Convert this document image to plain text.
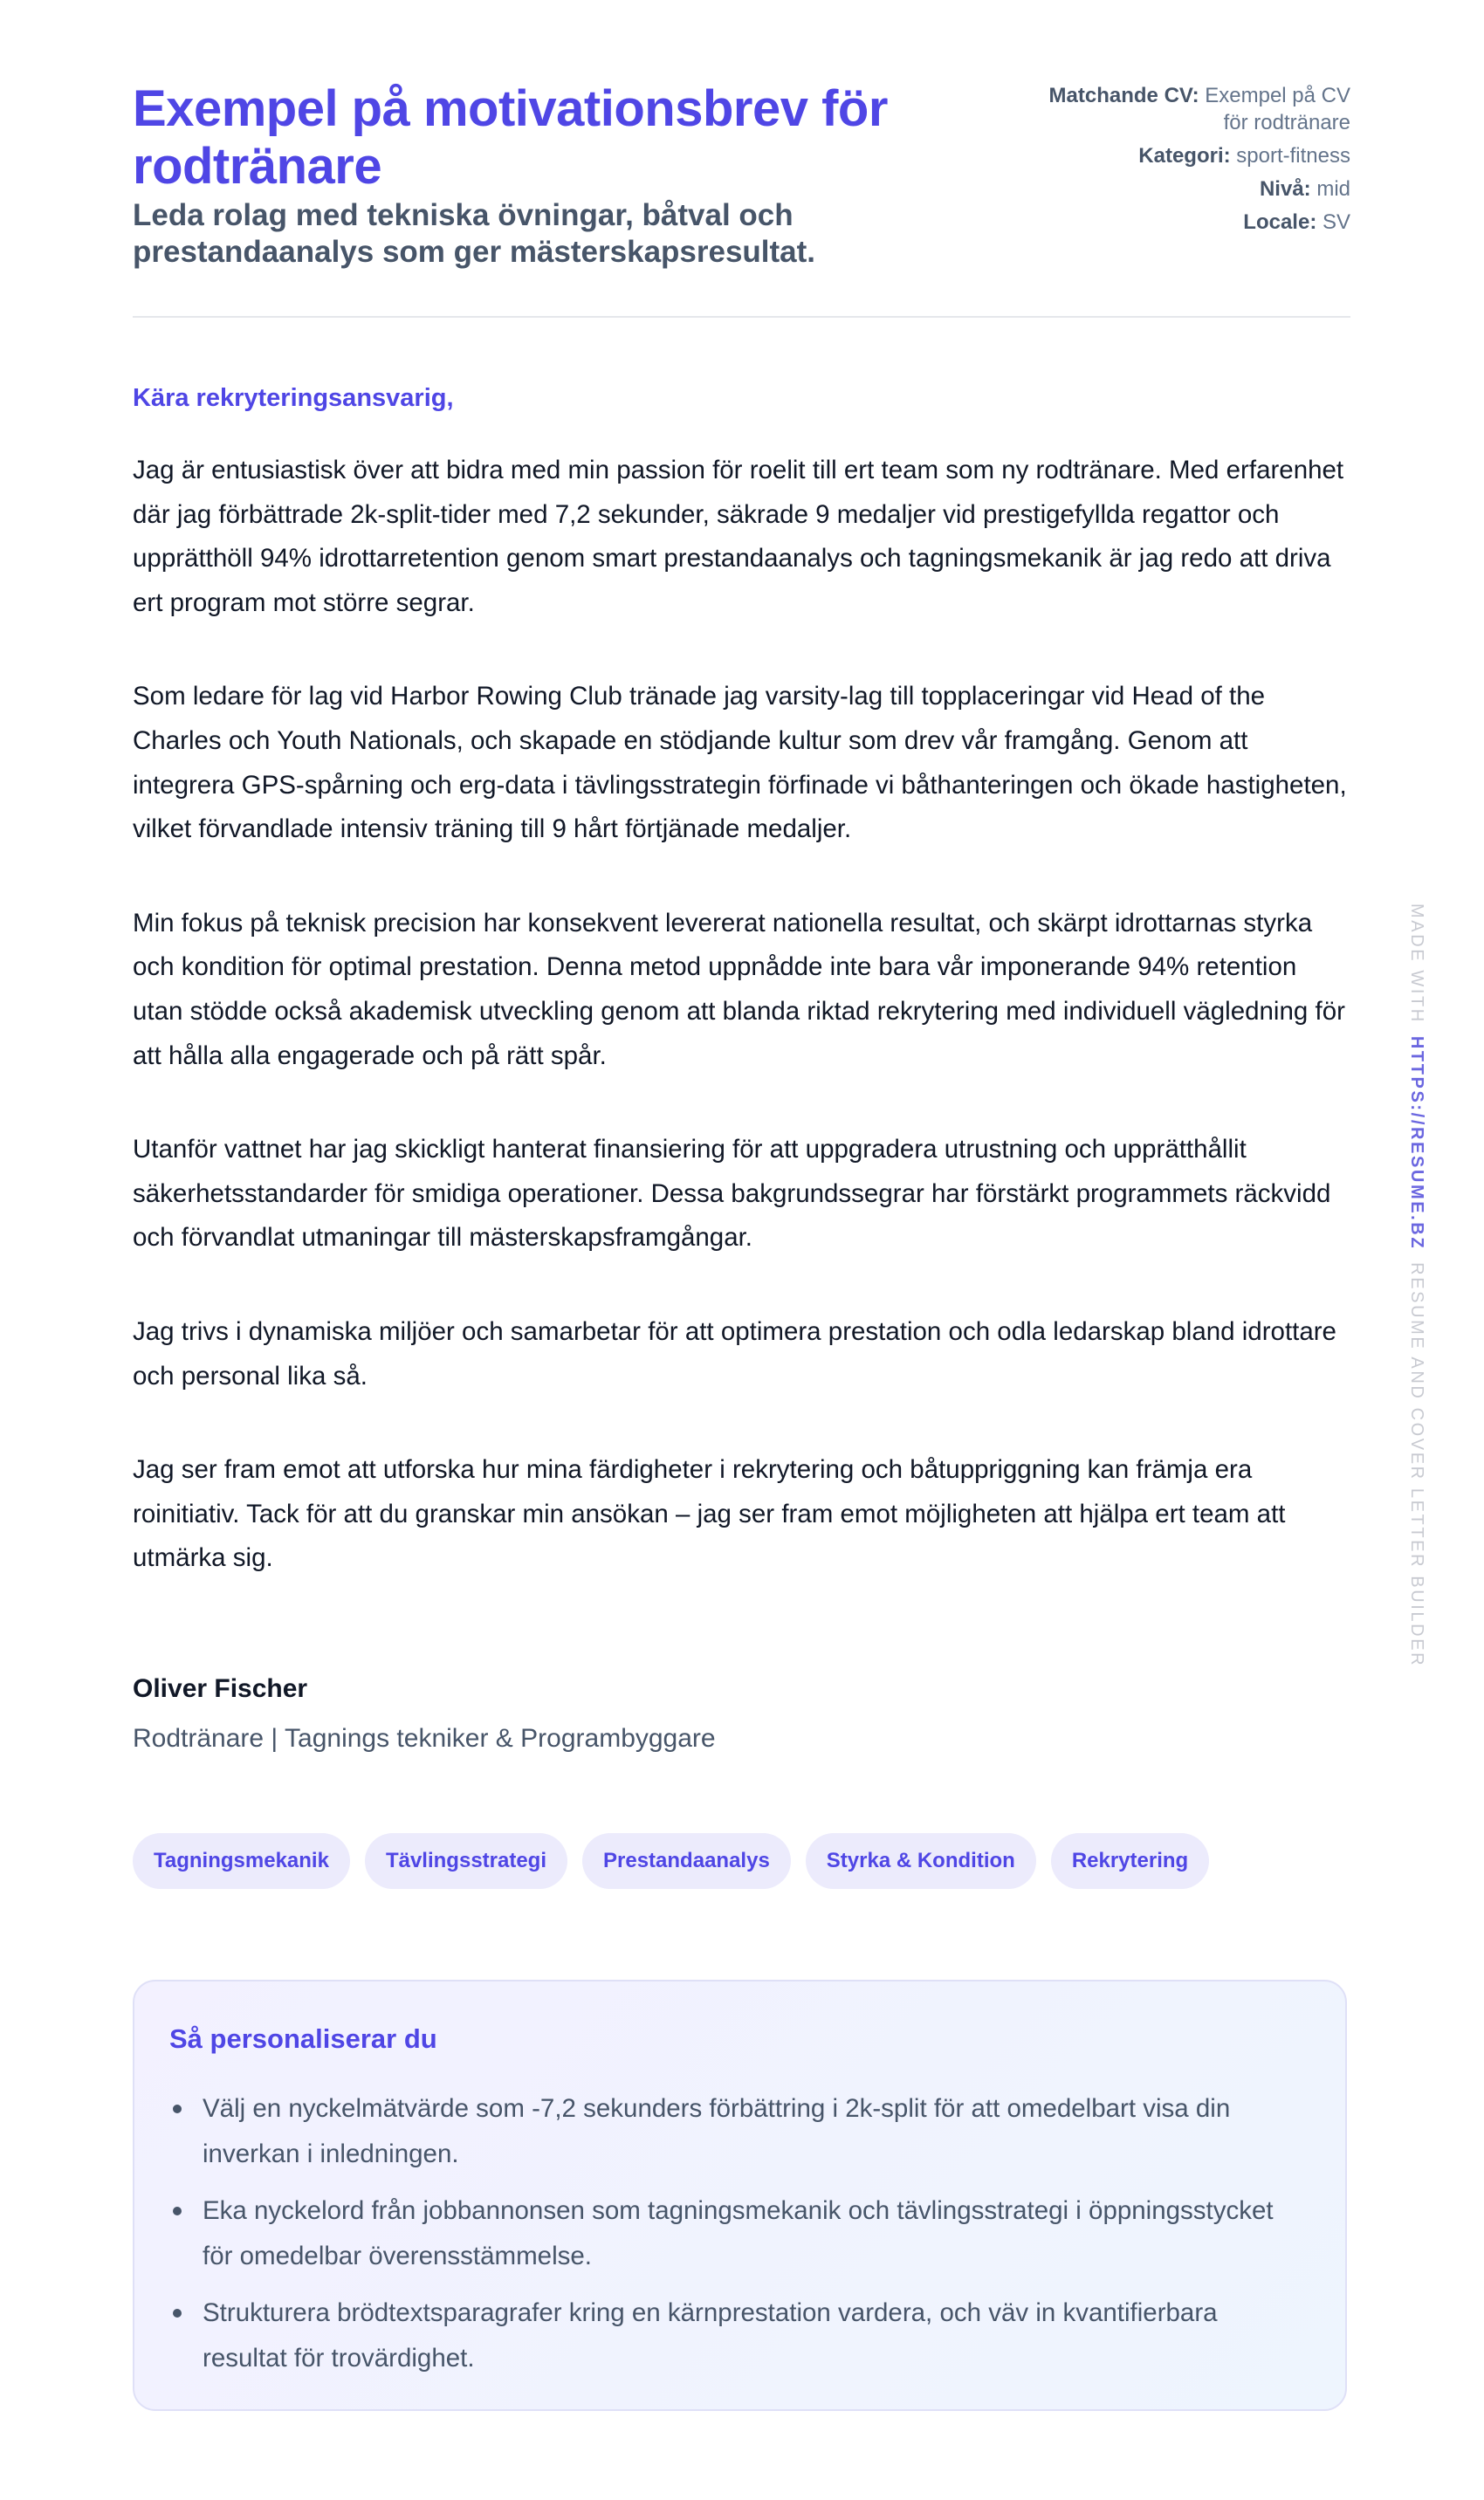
Exempel på motivationsbrev för rodtränare
Leda rolag med tekniska övningar, båtval och prestandaanalys som ger mästerskapsresultat.
Matchande CV: Exempel på CV för rodtränare
Kategori: sport-fitness
Nivå: mid
Locale: SV

Kära rekryteringsansvarig,

Jag är entusiastisk över att bidra med min passion för roelit till ert team som ny rodtränare. Med erfarenhet där jag förbättrade 2k-split-tider med 7,2 sekunder, säkrade 9 medaljer vid prestigefyllda regattor och upprätthöll 94% idrottarretention genom smart prestandaanalys och tagningsmekanik är jag redo att driva ert program mot större segrar.

Som ledare för lag vid Harbor Rowing Club tränade jag varsity-lag till topplaceringar vid Head of the Charles och Youth Nationals, och skapade en stödjande kultur som drev vår framgång. Genom att integrera GPS-spårning och erg-data i tävlingsstrategin förfinade vi båthanteringen och ökade hastigheten, vilket förvandlade intensiv träning till 9 hårt förtjänade medaljer.

Min fokus på teknisk precision har konsekvent levererat nationella resultat, och skärpt idrottarnas styrka och kondition för optimal prestation. Denna metod uppnådde inte bara vår imponerande 94% retention utan stödde också akademisk utveckling genom att blanda riktad rekrytering med individuell vägledning för att hålla alla engagerade och på rätt spår.

Utanför vattnet har jag skickligt hanterat finansiering för att uppgradera utrustning och upprätthållit säkerhetsstandarder för smidiga operationer. Dessa bakgrundssegrar har förstärkt programmets räckvidd och förvandlat utmaningar till mästerskapsframgångar.

Jag trivs i dynamiska miljöer och samarbetar för att optimera prestation och odla ledarskap bland idrottare och personal lika så.

Jag ser fram emot att utforska hur mina färdigheter i rekrytering och båtuppriggning kan främja era roinitiativ. Tack för att du granskar min ansökan – jag ser fram emot möjligheten att hjälpa ert team att utmärka sig.

Oliver Fischer
Rodtränare | Tagnings tekniker & Programbyggare
Tagningsmekanik	Tävlingsstrategi	Prestandaanalys	Styrka & Kondition	Rekrytering
Så personaliserar du
Välj en nyckelmätvärde som -7,2 sekunders förbättring i 2k-split för att omedelbart visa din inverkan i inledningen.
Eka nyckelord från jobbannonsen som tagningsmekanik och tävlingsstrategi i öppningsstycket för omedelbar överensstämmelse.
Strukturera brödtextsparagrafer kring en kärnprestation vardera, och väv in kvantifierbara resultat för trovärdighet.
MADE WITHHTTPS://RESUME.BZRESUME AND COVER LETTER BUILDER
